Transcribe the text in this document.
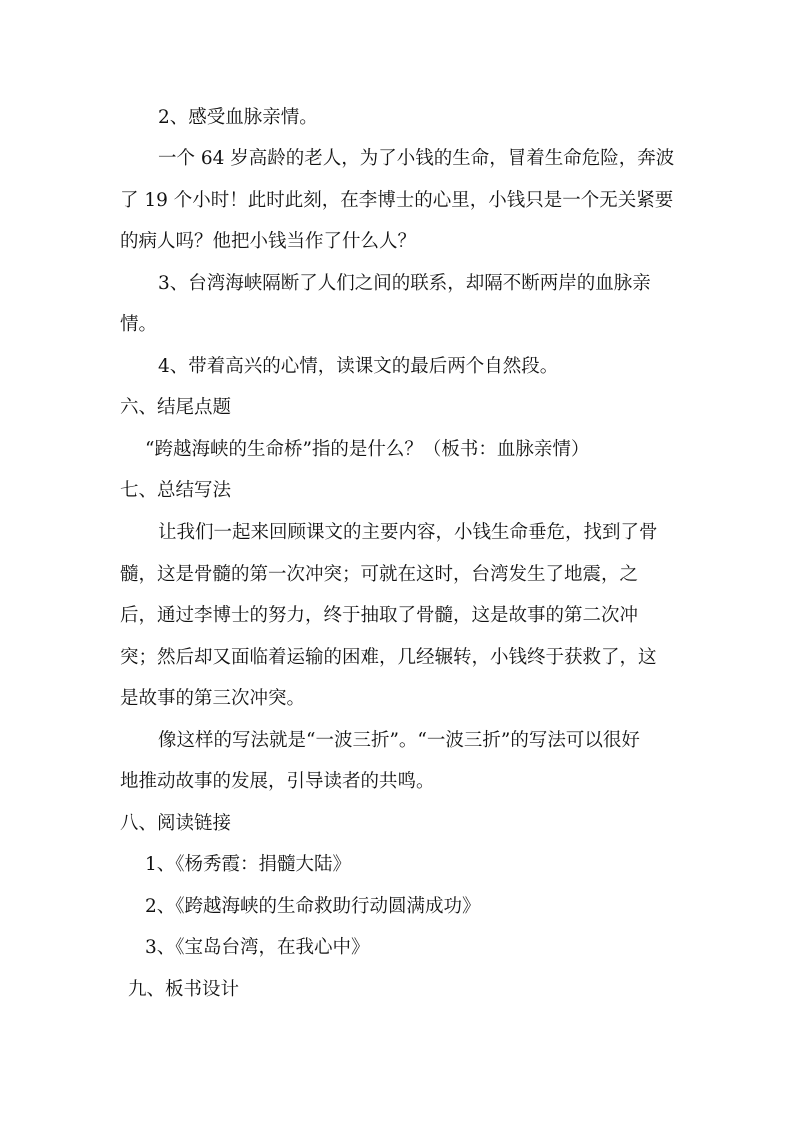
2、感受血脉亲情。
一个 64 岁高龄的老人，为了小钱的生命，冒着生命危险，奔波
了 19 个小时！此时此刻，在李博士的心里，小钱只是一个无关紧要
的病人吗？他把小钱当作了什么人？
3、台湾海峡隔断了人们之间的联系，却隔不断两岸的血脉亲
情。
4、带着高兴的心情，读课文的最后两个自然段。
六、结尾点题
“跨越海峡的生命桥”指的是什么？（板书：血脉亲情）
七、总结写法
让我们一起来回顾课文的主要内容，小钱生命垂危，找到了骨
髓，这是骨髓的第一次冲突；可就在这时，台湾发生了地震，之
后，通过李博士的努力，终于抽取了骨髓，这是故事的第二次冲
突；然后却又面临着运输的困难，几经辗转，小钱终于获救了，这
是故事的第三次冲突。
像这样的写法就是“一波三折”。“一波三折”的写法可以很好
地推动故事的发展，引导读者的共鸣。
八、阅读链接
1、《杨秀霞：捐髓大陆》
2、《跨越海峡的生命救助行动圆满成功》
3、《宝岛台湾，在我心中》
九、板书设计
